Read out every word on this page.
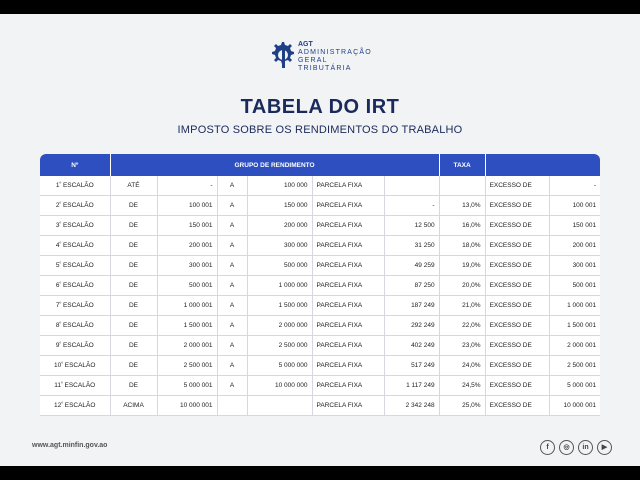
AGT
ADMINISTRAÇÃO
GERAL
TRIBUTÁRIA
TABELA DO IRT
IMPOSTO SOBRE OS RENDIMENTOS DO TRABALHO
Nº	GRUPO DE RENDIMENTO						TAXA		
$1^º$ ESCALÃO	ATÉ	-	A	100 000	PARCELA FIXA			EXCESSO DE	-
$2^º$ ESCALÃO	DE	100 001	A	150 000	PARCELA FIXA	-	13,0%	EXCESSO DE	100 001
$3^º$ ESCALÃO	DE	150 001	A	200 000	PARCELA FIXA	12 500	16,0%	EXCESSO DE	150 001
$4^º$ ESCALÃO	DE	200 001	A	300 000	PARCELA FIXA	31 250	18,0%	EXCESSO DE	200 001
$5^º$ ESCALÃO	DE	300 001	A	500 000	PARCELA FIXA	49 259	19,0%	EXCESSO DE	300 001
$6^º$ ESCALÃO	DE	500 001	A	1 000 000	PARCELA FIXA	87 250	20,0%	EXCESSO DE	500 001
$7^º$ ESCALÃO	DE	1 000 001	A	1 500 000	PARCELA FIXA	187 249	21,0%	EXCESSO DE	1 000 001
$8^º$ ESCALÃO	DE	1 500 001	A	2 000 000	PARCELA FIXA	292 249	22,0%	EXCESSO DE	1 500 001
$9^º$ ESCALÃO	DE	2 000 001	A	2 500 000	PARCELA FIXA	402 249	23,0%	EXCESSO DE	2 000 001
$10^º$ ESCALÃO	DE	2 500 001	A	5 000 000	PARCELA FIXA	517 249	24,0%	EXCESSO DE	2 500 001
$11^º$ ESCALÃO	DE	5 000 001	A	10 000 000	PARCELA FIXA	1 117 249	24,5%	EXCESSO DE	5 000 001
$12^º$ ESCALÃO	ACIMA	10 000 001			PARCELA FIXA	2 342 248	25,0%	EXCESSO DE	10 000 001
www.agt.minfin.gov.ao	f ◎ in ▶
